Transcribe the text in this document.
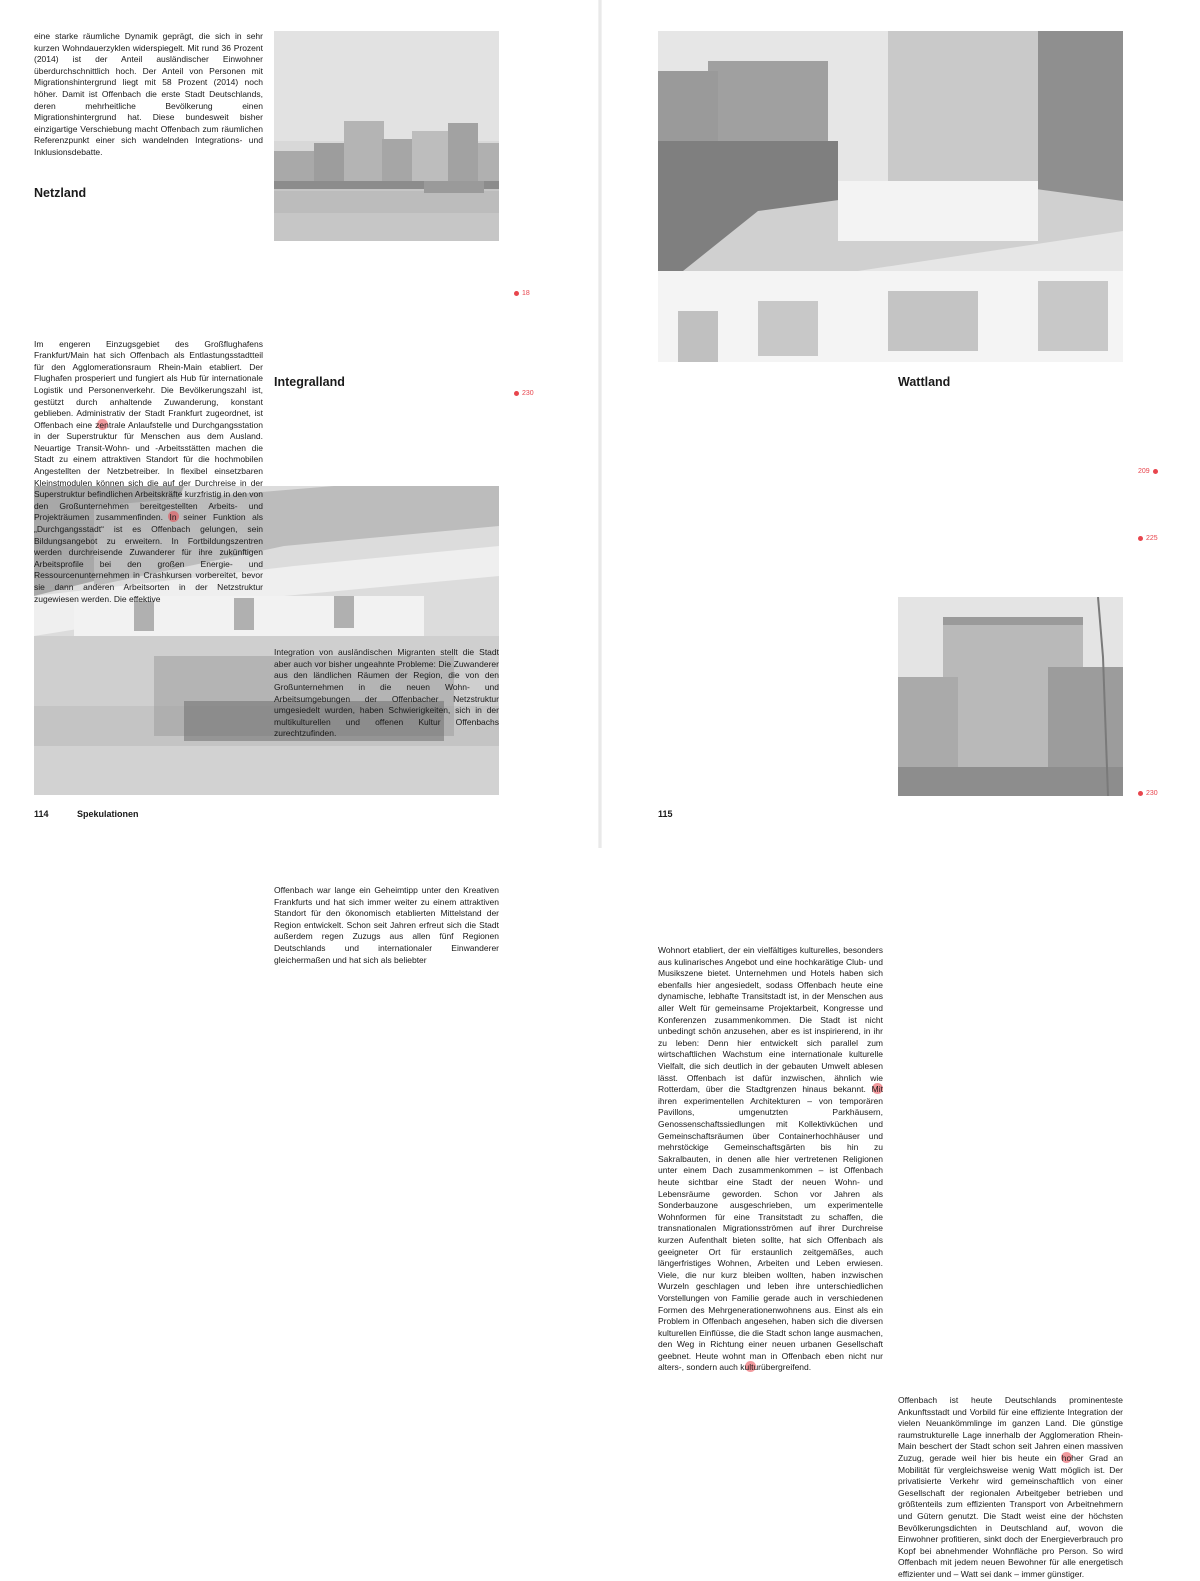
eine starke räumliche Dynamik geprägt, die sich in sehr kurzen Wohndauerzyklen widerspiegelt. Mit rund 36 Prozent (2014) ist der Anteil ausländischer Einwohner überdurchschnittlich hoch. Der Anteil von Personen mit Migrationshintergrund liegt mit 58 Prozent (2014) noch höher. Damit ist Offenbach die erste Stadt Deutschlands, deren mehrheitliche Bevölkerung einen Migrationshintergrund hat. Diese bundesweit bisher einzigartige Verschiebung macht Offenbach zum räumlichen Referenzpunkt einer sich wandelnden Integrations- und Inklusionsdebatte.

Netzland

Im engeren Einzugsgebiet des Großflughafens Frankfurt/Main hat sich Offenbach als Entlastungsstadtteil für den Agglomerationsraum Rhein-Main etabliert. Der Flughafen prosperiert und fungiert als Hub für internationale Logistik und Personenverkehr. Die Bevölkerungszahl ist, gestützt durch anhaltende Zuwanderung, konstant geblieben. Administrativ der Stadt Frankfurt zugeordnet, ist Offenbach eine zentrale Anlaufstelle und Durchgangsstation in der Superstruktur für Menschen aus dem Ausland. Neuartige Transit-Wohn- und -Arbeitsstätten machen die Stadt zu einem attraktiven Standort für die hochmobilen Angestellten der Netzbetreiber. In flexibel einsetzbaren Kleinstmodulen können sich die auf der Durchreise in der Superstruktur befindlichen Arbeitskräfte kurzfristig in den von den Großunternehmen bereitgestellten Arbeits- und Projekträumen zusammenfinden. In seiner Funktion als „Durchgangsstadt“ ist es Offenbach gelungen, sein Bildungsangebot zu erweitern. In Fortbildungszentren werden durchreisende Zuwanderer für ihre zukünftigen Arbeitsprofile bei den großen Energie- und Ressourcenunternehmen in Crashkursen vorbereitet, bevor sie dann anderen Arbeitsorten in der Netzstruktur zugewiesen werden. Die effektive

Integration von ausländischen Migranten stellt die Stadt aber auch vor bisher ungeahnte Probleme: Die Zuwanderer aus den ländlichen Räumen der Region, die von den Großunternehmen in die neuen Wohn- und Arbeitsumgebungen der Offenbacher Netzstruktur umgesiedelt wurden, haben Schwierigkeiten, sich in der multikulturellen und offenen Kultur Offenbachs zurechtzufinden.

18
Integralland
230

Offenbach war lange ein Geheimtipp unter den Kreativen Frankfurts und hat sich immer weiter zu einem attraktiven Standort für den ökonomisch etablierten Mittelstand der Region entwickelt. Schon seit Jahren erfreut sich die Stadt außerdem regen Zuzugs aus allen fünf Regionen Deutschlands und internationaler Einwanderer gleichermaßen und hat sich als beliebter

114	Spekulationen

Wohnort etabliert, der ein vielfältiges kulturelles, besonders aus kulinarisches Angebot und eine hochkarätige Club- und Musikszene bietet. Unternehmen und Hotels haben sich ebenfalls hier angesiedelt, sodass Offenbach heute eine dynamische, lebhafte Transitstadt ist, in der Menschen aus aller Welt für gemeinsame Projektarbeit, Kongresse und Konferenzen zusammenkommen. Die Stadt ist nicht unbedingt schön anzusehen, aber es ist inspirierend, in ihr zu leben: Denn hier entwickelt sich parallel zum wirtschaftlichen Wachstum eine internationale kulturelle Vielfalt, die sich deutlich in der gebauten Umwelt ablesen lässt. Offenbach ist dafür inzwischen, ähnlich wie Rotterdam, über die Stadtgrenzen hinaus bekannt. Mit ihren experimentellen Architekturen – von temporären Pavillons, umgenutzten Parkhäusern, Genossenschaftssiedlungen mit Kollektivküchen und Gemeinschaftsräumen über Containerhochhäuser und mehrstöckige Gemeinschaftsgärten bis hin zu Sakralbauten, in denen alle hier vertretenen Religionen unter einem Dach zusammenkommen – ist Offenbach heute sichtbar eine Stadt der neuen Wohn- und Lebensräume geworden. Schon vor Jahren als Sonderbauzone ausgeschrieben, um experimentelle Wohnformen für eine Transitstadt zu schaffen, die transnationalen Migrationsströmen auf ihrer Durchreise kurzen Aufenthalt bieten sollte, hat sich Offenbach als geeigneter Ort für erstaunlich zeitgemäßes, auch längerfristiges Wohnen, Arbeiten und Leben erwiesen. Viele, die nur kurz bleiben wollten, haben inzwischen Wurzeln geschlagen und leben ihre unterschiedlichen Vorstellungen von Familie gerade auch in verschiedenen Formen des Mehrgenerationenwohnens aus. Einst als ein Problem in Offenbach angesehen, haben sich die diversen kulturellen Einflüsse, die die Stadt schon lange ausmachen, den Weg in Richtung einer neuen urbanen Gesellschaft geebnet. Heute wohnt man in Offenbach eben nicht nur alters-, sondern auch kulturübergreifend.

Wattland

Offenbach ist heute Deutschlands prominenteste Ankunftsstadt und Vorbild für eine effiziente Integration der vielen Neuankömmlinge im ganzen Land. Die günstige raumstrukturelle Lage innerhalb der Agglomeration Rhein-Main beschert der Stadt schon seit Jahren einen massiven Zuzug, gerade weil hier bis heute ein hoher Grad an Mobilität für vergleichsweise wenig Watt möglich ist. Der privatisierte Verkehr wird gemeinschaftlich von einer Gesellschaft der regionalen Arbeitgeber betrieben und größtenteils zum effizienten Transport von Arbeitnehmern und Gütern genutzt. Die Stadt weist eine der höchsten Bevölkerungsdichten in Deutschland auf, wovon die Einwohner profitieren, sinkt doch der Energieverbrauch pro Kopf bei abnehmender Wohnfläche pro Person. So wird Offenbach mit jedem neuen Bewohner für alle energetisch effizienter und – Watt sei dank – immer günstiger.

209
225
230
115
